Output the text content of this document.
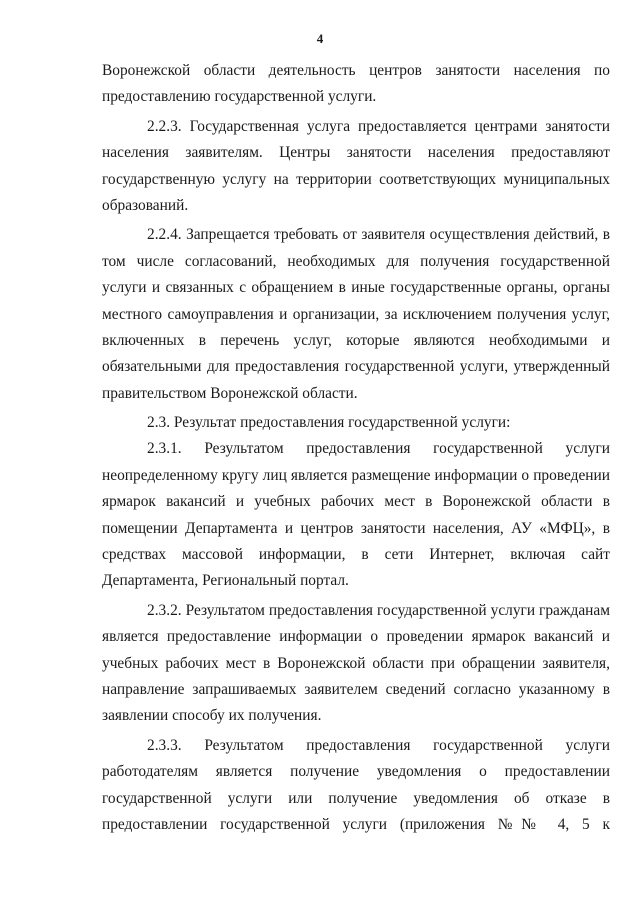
4
Воронежской области деятельность центров занятости населения по
предоставлению государственной услуги.
2.2.3. Государственная услуга предоставляется центрами занятости
населения заявителям. Центры занятости населения предоставляют
государственную услугу на территории соответствующих муниципальных
образований.
2.2.4. Запрещается требовать от заявителя осуществления действий, в
том числе согласований, необходимых для получения государственной
услуги и связанных с обращением в иные государственные органы, органы
местного самоуправления и организации, за исключением получения услуг,
включенных в перечень услуг, которые являются необходимыми и
обязательными для предоставления государственной услуги, утвержденный
правительством Воронежской области.
2.3. Результат предоставления государственной услуги:
2.3.1. Результатом предоставления государственной услуги
неопределенному кругу лиц является размещение информации о проведении
ярмарок вакансий и учебных рабочих мест в Воронежской области в
помещении Департамента и центров занятости населения, АУ «МФЦ», в
средствах массовой информации, в сети Интернет, включая сайт
Департамента, Региональный портал.
2.3.2. Результатом предоставления государственной услуги гражданам
является предоставление информации о проведении ярмарок вакансий и
учебных рабочих мест в Воронежской области при обращении заявителя,
направление запрашиваемых заявителем сведений согласно указанному в
заявлении способу их получения.
2.3.3. Результатом предоставления государственной услуги
работодателям является получение уведомления о предоставлении
государственной услуги или получение уведомления об отказе в
предоставлении государственной услуги (приложения №№ 4, 5 к
